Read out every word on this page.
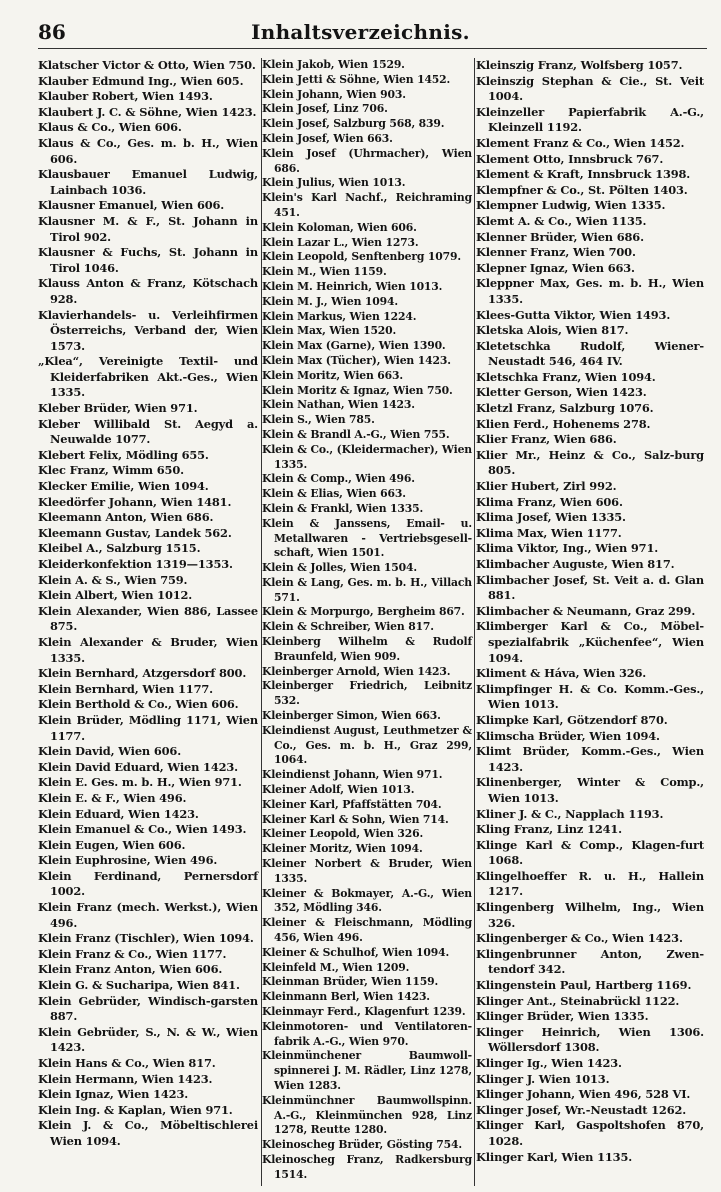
86	Inhaltsverzeichnis.

Klatscher Victor & Otto, Wien 750.

Klauber Edmund Ing., Wien 605.

Klauber Robert, Wien 1493.

Klaubert J. C. & Söhne, Wien 1423.

Klaus & Co., Wien 606.

Klaus & Co., Ges. m. b. H., Wien 606.

Klausbauer Emanuel Ludwig, Lainbach 1036.

Klausner Emanuel, Wien 606.

Klausner M. & F., St. Johann in Tirol 902.

Klausner & Fuchs, St. Johann in Tirol 1046.

Klauss Anton & Franz, Kötschach 928.

Klavierhandels- u. Verleihfirmen Österreichs, Verband der, Wien 1573.

„Klea“, Vereinigte Textil- und Kleiderfabriken Akt.-Ges., Wien 1335.

Kleber Brüder, Wien 971.

Kleber Willibald St. Aegyd a. Neuwalde 1077.

Klebert Felix, Mödling 655.

Klec Franz, Wimm 650.

Klecker Emilie, Wien 1094.

Kleedörfer Johann, Wien 1481.

Kleemann Anton, Wien 686.

Kleemann Gustav, Landek 562.

Kleibel A., Salzburg 1515.

Kleiderkonfektion 1319—1353.

Klein A. & S., Wien 759.

Klein Albert, Wien 1012.

Klein Alexander, Wien 886, Lassee 875.

Klein Alexander & Bruder, Wien 1335.

Klein Bernhard, Atzgersdorf 800.

Klein Bernhard, Wien 1177.

Klein Berthold & Co., Wien 606.

Klein Brüder, Mödling 1171, Wien 1177.

Klein David, Wien 606.

Klein David Eduard, Wien 1423.

Klein E. Ges. m. b. H., Wien 971.

Klein E. & F., Wien 496.

Klein Eduard, Wien 1423.

Klein Emanuel & Co., Wien 1493.

Klein Eugen, Wien 606.

Klein Euphrosine, Wien 496.

Klein Ferdinand, Pernersdorf 1002.

Klein Franz (mech. Werkst.), Wien 496.

Klein Franz (Tischler), Wien 1094.

Klein Franz & Co., Wien 1177.

Klein Franz Anton, Wien 606.

Klein G. & Sucharipa, Wien 841.

Klein Gebrüder, Windisch-garsten 887.

Klein Gebrüder, S., N. & W., Wien 1423.

Klein Hans & Co., Wien 817.

Klein Hermann, Wien 1423.

Klein Ignaz, Wien 1423.

Klein Ing. & Kaplan, Wien 971.

Klein J. & Co., Möbeltischlerei Wien 1094.

Klein Jakob, Wien 1529.

Klein Jetti & Söhne, Wien 1452.

Klein Johann, Wien 903.

Klein Josef, Linz 706.

Klein Josef, Salzburg 568, 839.

Klein Josef, Wien 663.

Klein Josef (Uhrmacher), Wien 686.

Klein Julius, Wien 1013.

Klein's Karl Nachf., Reichraming 451.

Klein Koloman, Wien 606.

Klein Lazar L., Wien 1273.

Klein Leopold, Senftenberg 1079.

Klein M., Wien 1159.

Klein M. Heinrich, Wien 1013.

Klein M. J., Wien 1094.

Klein Markus, Wien 1224.

Klein Max, Wien 1520.

Klein Max (Garne), Wien 1390.

Klein Max (Tücher), Wien 1423.

Klein Moritz, Wien 663.

Klein Moritz & Ignaz, Wien 750.

Klein Nathan, Wien 1423.

Klein S., Wien 785.

Klein & Brandl A.-G., Wien 755.

Klein & Co., (Kleidermacher), Wien 1335.

Klein & Comp., Wien 496.

Klein & Elias, Wien 663.

Klein & Frankl, Wien 1335.

Klein & Janssens, Email- u. Metallwaren - Vertriebsgesell-schaft, Wien 1501.

Klein & Jolles, Wien 1504.

Klein & Lang, Ges. m. b. H., Villach 571.

Klein & Morpurgo, Bergheim 867.

Klein & Schreiber, Wien 817.

Kleinberg Wilhelm & Rudolf Braunfeld, Wien 909.

Kleinberger Arnold, Wien 1423.

Kleinberger Friedrich, Leibnitz 532.

Kleinberger Simon, Wien 663.

Kleindienst August, Leuthmetzer & Co., Ges. m. b. H., Graz 299, 1064.

Kleindienst Johann, Wien 971.

Kleiner Adolf, Wien 1013.

Kleiner Karl, Pfaffstätten 704.

Kleiner Karl & Sohn, Wien 714.

Kleiner Leopold, Wien 326.

Kleiner Moritz, Wien 1094.

Kleiner Norbert & Bruder, Wien 1335.

Kleiner & Bokmayer, A.-G., Wien 352, Mödling 346.

Kleiner & Fleischmann, Mödling 456, Wien 496.

Kleiner & Schulhof, Wien 1094.

Kleinfeld M., Wien 1209.

Kleinman Brüder, Wien 1159.

Kleinmann Berl, Wien 1423.

Kleinmayr Ferd., Klagenfurt 1239.

Kleinmotoren- und Ventilatoren-fabrik A.-G., Wien 970.

Kleinmünchener Baumwoll-spinnerei J. M. Rädler, Linz 1278, Wien 1283.

Kleinmünchner Baumwollspinn. A.-G., Kleinmünchen 928, Linz 1278, Reutte 1280.

Kleinoscheg Brüder, Gösting 754.

Kleinoscheg Franz, Radkersburg 1514.

Kleinszig Franz, Wolfsberg 1057.

Kleinszig Stephan & Cie., St. Veit 1004.

Kleinzeller Papierfabrik A.-G., Kleinzell 1192.

Klement Franz & Co., Wien 1452.

Klement Otto, Innsbruck 767.

Klement & Kraft, Innsbruck 1398.

Klempfner & Co., St. Pölten 1403.

Klempner Ludwig, Wien 1335.

Klemt A. & Co., Wien 1135.

Klenner Brüder, Wien 686.

Klenner Franz, Wien 700.

Klepner Ignaz, Wien 663.

Kleppner Max, Ges. m. b. H., Wien 1335.

Klees-Gutta Viktor, Wien 1493.

Kletska Alois, Wien 817.

Kletetschka Rudolf, Wiener-Neustadt 546, 464 IV.

Kletschka Franz, Wien 1094.

Kletter Gerson, Wien 1423.

Kletzl Franz, Salzburg 1076.

Klien Ferd., Hohenems 278.

Klier Franz, Wien 686.

Klier Mr., Heinz & Co., Salz-burg 805.

Klier Hubert, Zirl 992.

Klima Franz, Wien 606.

Klima Josef, Wien 1335.

Klima Max, Wien 1177.

Klima Viktor, Ing., Wien 971.

Klimbacher Auguste, Wien 817.

Klimbacher Josef, St. Veit a. d. Glan 881.

Klimbacher & Neumann, Graz 299.

Klimberger Karl & Co., Möbel-spezialfabrik „Küchenfee“, Wien 1094.

Kliment & Háva, Wien 326.

Klimpfinger H. & Co. Komm.-Ges., Wien 1013.

Klimpke Karl, Götzendorf 870.

Klimscha Brüder, Wien 1094.

Klimt Brüder, Komm.-Ges., Wien 1423.

Klinenberger, Winter & Comp., Wien 1013.

Kliner J. & C., Napplach 1193.

Kling Franz, Linz 1241.

Klinge Karl & Comp., Klagen-furt 1068.

Klingelhoeffer R. u. H., Hallein 1217.

Klingenberg Wilhelm, Ing., Wien 326.

Klingenberger & Co., Wien 1423.

Klingenbrunner Anton, Zwen-tendorf 342.

Klingenstein Paul, Hartberg 1169.

Klinger Ant., Steinabrückl 1122.

Klinger Brüder, Wien 1335.

Klinger Heinrich, Wien 1306. Wöllersdorf 1308.

Klinger Ig., Wien 1423.

Klinger J. Wien 1013.

Klinger Johann, Wien 496, 528 VI.

Klinger Josef, Wr.-Neustadt 1262.

Klinger Karl, Gaspoltshofen 870, 1028.

Klinger Karl, Wien 1135.
